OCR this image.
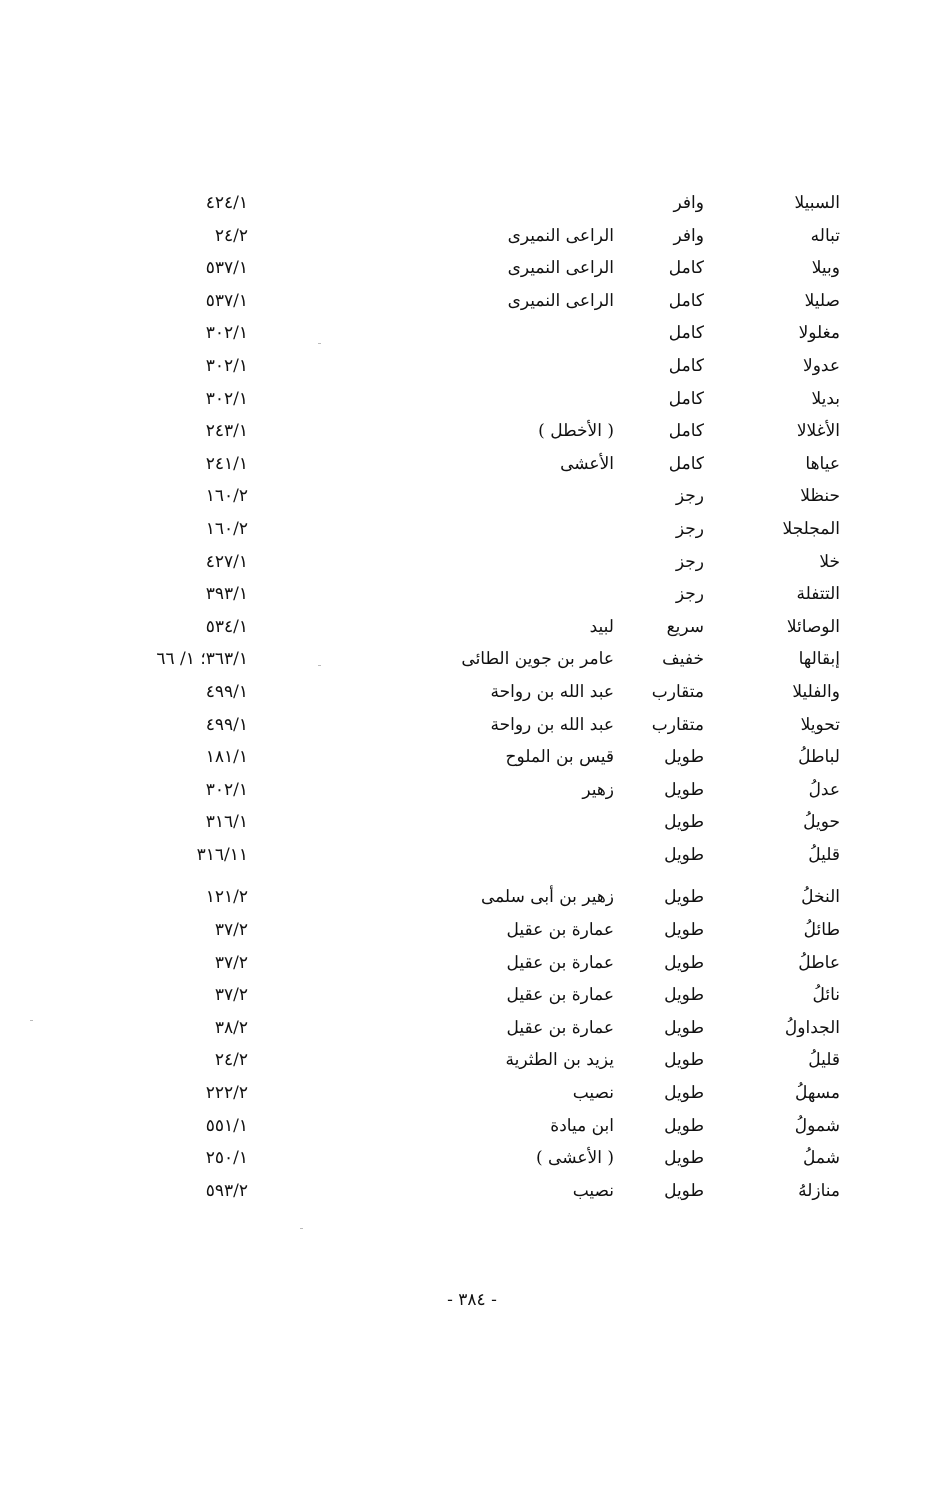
السبيلا
وافر
٤٢٤/١
تباله
وافر
الراعى النميرى
٢٤/٢
وبيلا
كامل
الراعى النميرى
٥٣٧/١
صليلا
كامل
الراعى النميرى
٥٣٧/١
مغلولا
كامل
٣٠٢/١
عدولا
كامل
٣٠٢/١
بديلا
كامل
٣٠٢/١
الأغلالا
كامل
( الأخطل )
٢٤٣/١
عياها
كامل
الأعشى
٢٤١/١
حنظلا
رجز
١٦٠/٢
المجلجلا
رجز
١٦٠/٢
خلا
رجز
٤٢٧/١
التتفلة
رجز
٣٩٣/١
الوصائلا
سريع
لبيد
٥٣٤/١
إبقالها
خفيف
عامر بن جوين الطائى
٣٦٣/١؛ ١/ ٦٦
والفليلا
متقارب
عبد الله بن رواحة
٤٩٩/١
تحويلا
متقارب
عبد الله بن رواحة
٤٩٩/١
لباطلُ
طويل
قيس بن الملوح
١٨١/١
عدلُ
طويل
زهير
٣٠٢/١
حويلُ
طويل
٣١٦/١
قليلُ
طويل
٣١٦/١١
النخلُ
طويل
زهير بن أبى سلمى
١٢١/٢
طائلُ
طويل
عمارة بن عقيل
٣٧/٢
عاطلُ
طويل
عمارة بن عقيل
٣٧/٢
نائلُ
طويل
عمارة بن عقيل
٣٧/٢
الجداولُ
طويل
عمارة بن عقيل
٣٨/٢
قليلُ
طويل
يزيد بن الطثرية
٢٤/٢
مسهلُ
طويل
نصيب
٢٢٢/٢
شمولُ
طويل
ابن ميادة
٥٥١/١
شملُ
طويل
( الأعشى )
٢٥٠/١
منازلهُ
طويل
نصيب
٥٩٣/٢
- ٣٨٤ -
